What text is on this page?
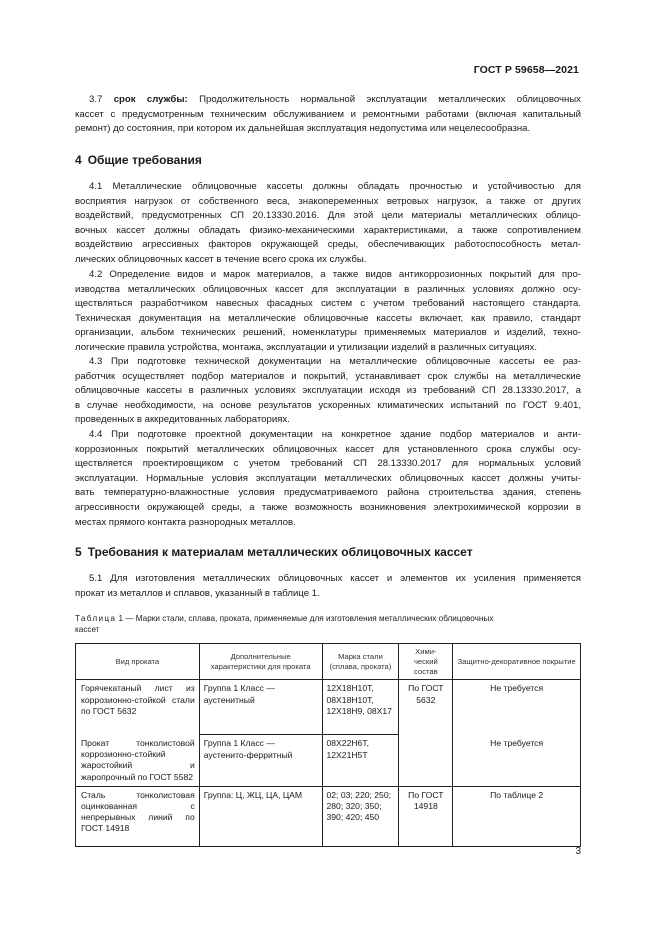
ГОСТ Р 59658—2021
3.7 срок службы: Продолжительность нормальной эксплуатации металлических облицовочных
кассет с предусмотренным техническим обслуживанием и ремонтными работами (включая капитальный
ремонт) до состояния, при котором их дальнейшая эксплуатация недопустима или нецелесообразна.
4 Общие требования
4.1 Металлические облицовочные кассеты должны обладать прочностью и устойчивостью для
восприятия нагрузок от собственного веса, знакопеременных ветровых нагрузок, а также от других
воздействий, предусмотренных СП 20.13330.2016. Для этой цели материалы металлических облицо-
вочных кассет должны обладать физико-механическими характеристиками, а также сопротивлением
воздействию агрессивных факторов окружающей среды, обеспечивающих работоспособность метал-
лических облицовочных кассет в течение всего срока их службы.
4.2 Определение видов и марок материалов, а также видов антикоррозионных покрытий для про-
изводства металлических облицовочных кассет для эксплуатации в различных условиях должно осу-
ществляться разработчиком навесных фасадных систем с учетом требований настоящего стандарта.
Техническая документация на металлические облицовочные кассеты включает, как правило, стандарт
организации, альбом технических решений, номенклатуры применяемых материалов и изделий, техно-
логические правила устройства, монтажа, эксплуатации и утилизации изделий в различных ситуациях.
4.3 При подготовке технической документации на металлические облицовочные кассеты ее раз-
работчик осуществляет подбор материалов и покрытий, устанавливает срок службы на металлические
облицовочные кассеты в различных условиях эксплуатации исходя из требований СП 28.13330.2017, а
в случае необходимости, на основе результатов ускоренных климатических испытаний по ГОСТ 9.401,
проведенных в аккредитованных лабораториях.
4.4 При подготовке проектной документации на конкретное здание подбор материалов и анти-
коррозионных покрытий металлических облицовочных кассет для установленного срока службы осу-
ществляется проектировщиком с учетом требований СП 28.13330.2017 для нормальных условий
эксплуатации. Нормальные условия эксплуатации металлических облицовочных кассет должны учиты-
вать температурно-влажностные условия предусматриваемого района строительства здания, степень
агрессивности окружающей среды, а также возможность возникновения электрохимической коррозии в
местах прямого контакта разнородных металлов.
5 Требования к материалам металлических облицовочных кассет
5.1 Для изготовления металлических облицовочных кассет и элементов их усиления применяется
прокат из металлов и сплавов, указанный в таблице 1.
Таблица 1 — Марки стали, сплава, проката, применяемые для изготовления металлических облицовочных
кассет
Вид проката	Дополнительные характеристики для проката	Марка стали (сплава, проката)	Хими-ческий состав	Защитно-декоративное покрытие
Горячекатаный лист из коррозионно-стойкой стали по ГОСТ 5632	Группа 1 Класс — аустенитный	12Х18Н10Т, 08Х18Н10Т, 12Х18Н9, 08Х17	По ГОСТ 5632	Не требуется
Прокат тонколистовой коррозионно-стойкий жаростойкий и жаропрочный по ГОСТ 5582	Группа 1 Класс — аустенито-ферритный	08Х22Н6Т, 12Х21Н5Т		Не требуется
Сталь тонколистовая оцинкованная с непрерывных линий по ГОСТ 14918	Группа: Ц, ЖЦ, ЦА, ЦАМ	02; 03; 220; 250; 280; 320; 350; 390; 420; 450	По ГОСТ 14918	По таблице 2
3
